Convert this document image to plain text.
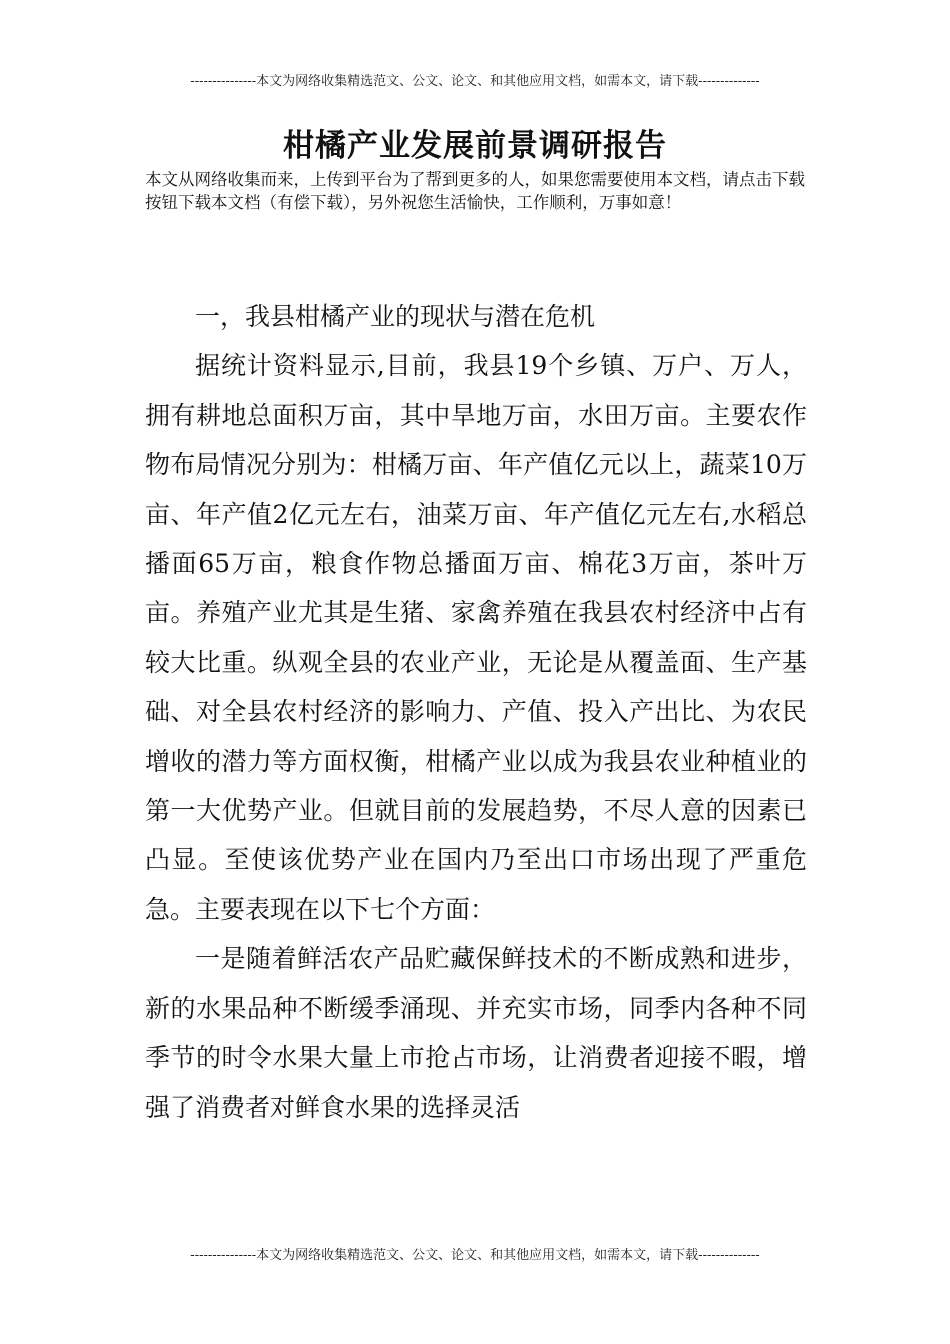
---------------本文为网络收集精选范文、公文、论文、和其他应用文档，如需本文，请下载--------------
柑橘产业发展前景调研报告

本文从网络收集而来，上传到平台为了帮到更多的人，如果您需要使用本文档，请点击下载按钮下载本文档（有偿下载），另外祝您生活愉快，工作顺利，万事如意！

一，我县柑橘产业的现状与潜在危机

据统计资料显示,目前，我县19个乡镇、万户、万人，拥有耕地总面积万亩，其中旱地万亩，水田万亩。主要农作物布局情况分别为：柑橘万亩、年产值亿元以上，蔬菜10万亩、年产值2亿元左右，油菜万亩、年产值亿元左右,水稻总播面65万亩，粮食作物总播面万亩、棉花3万亩，茶叶万亩。养殖产业尤其是生猪、家禽养殖在我县农村经济中占有较大比重。纵观全县的农业产业，无论是从覆盖面、生产基础、对全县农村经济的影响力、产值、投入产出比、为农民增收的潜力等方面权衡，柑橘产业以成为我县农业种植业的第一大优势产业。但就目前的发展趋势，不尽人意的因素已凸显。至使该优势产业在国内乃至出口市场出现了严重危急。主要表现在以下七个方面：

一是随着鲜活农产品贮藏保鲜技术的不断成熟和进步，新的水果品种不断缓季涌现、并充实市场，同季内各种不同季节的时令水果大量上市抢占市场，让消费者迎接不暇，增强了消费者对鲜食水果的选择灵活

---------------本文为网络收集精选范文、公文、论文、和其他应用文档，如需本文，请下载--------------
